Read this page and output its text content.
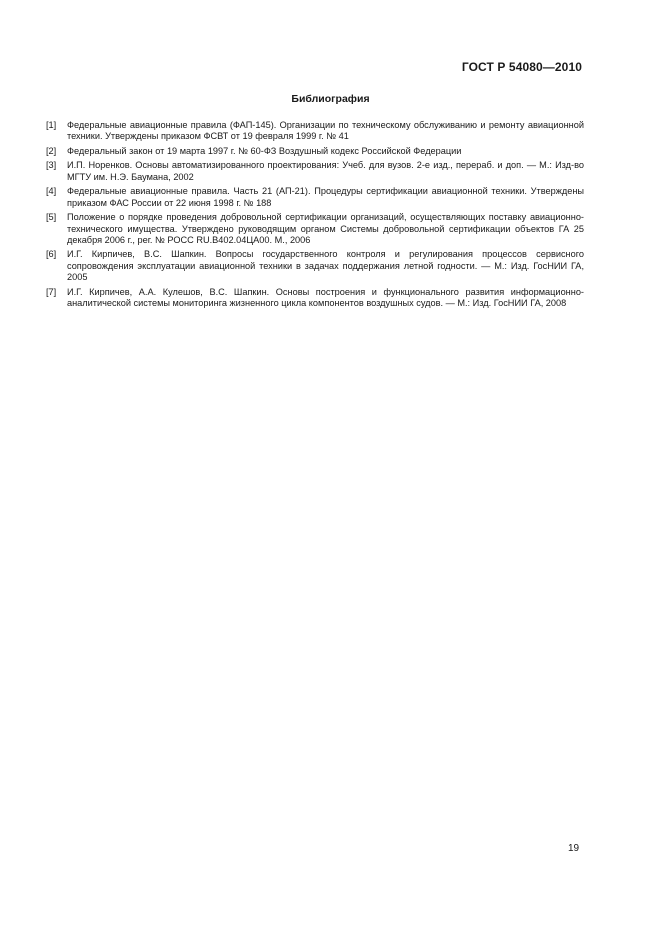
ГОСТ Р 54080—2010
Библиография
[1]	Федеральные авиационные правила (ФАП-145). Организации по техническому обслуживанию и ремонту авиационной техники. Утверждены приказом ФСВТ от 19 февраля 1999 г. № 41
[2]	Федеральный закон от 19 марта 1997 г. № 60-ФЗ Воздушный кодекс Российской Федерации
[3]	И.П. Норенков. Основы автоматизированного проектирования: Учеб. для вузов. 2-е изд., перераб. и доп. — М.: Изд-во МГТУ им. Н.Э. Баумана, 2002
[4]	Федеральные авиационные правила. Часть 21 (АП-21). Процедуры сертификации авиационной техники. Утверждены приказом ФАС России от 22 июня 1998 г. № 188
[5]	Положение о порядке проведения добровольной сертификации организаций, осуществляющих поставку авиационно-технического имущества. Утверждено руководящим органом Системы добровольной сертификации объектов ГА 25 декабря 2006 г., рег. № РОСС RU.B402.04ЦА00. М., 2006
[6]	И.Г. Кирпичев, В.С. Шапкин. Вопросы государственного контроля и регулирования процессов сервисного сопровождения эксплуатации авиационной техники в задачах поддержания летной годности. — М.: Изд. ГосНИИ ГА, 2005
[7]	И.Г. Кирпичев, А.А. Кулешов, В.С. Шапкин. Основы построения и функционального развития информационно-аналитической системы мониторинга жизненного цикла компонентов воздушных судов. — М.: Изд. ГосНИИ ГА, 2008
19
